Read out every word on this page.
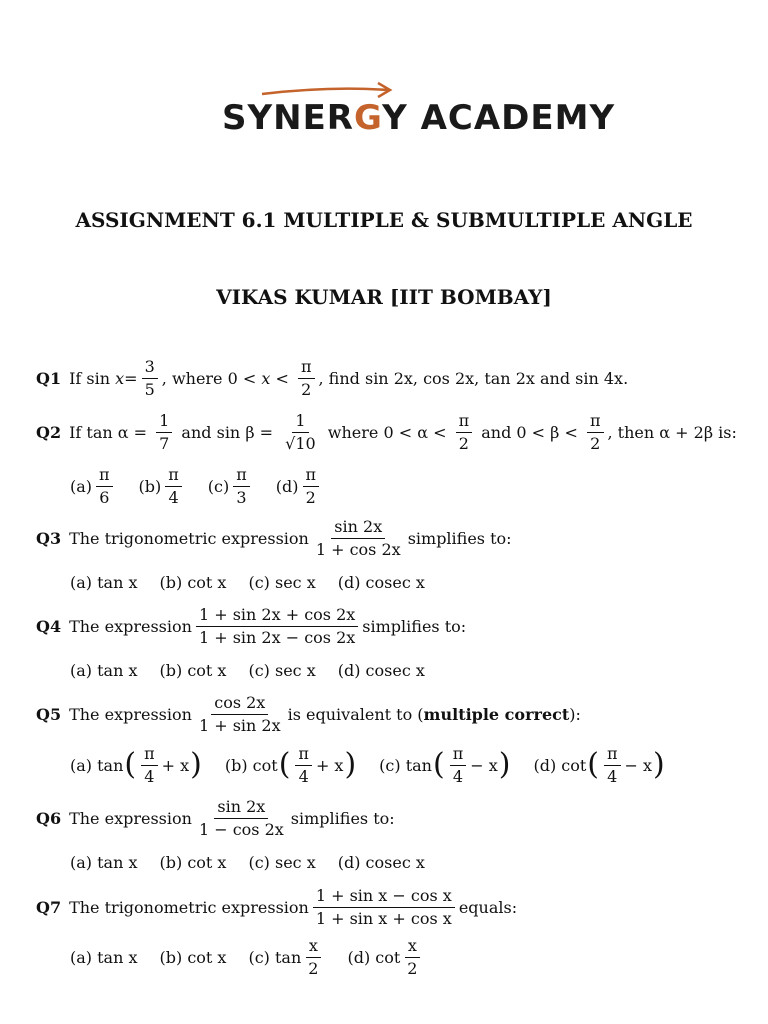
SYNERGY ACADEMY
ASSIGNMENT 6.1 MULTIPLE & SUBMULTIPLE ANGLE
VIKAS KUMAR [IIT BOMBAY]
Q1 If sin
$x = \frac{3}{5}$ , where $0 < x < \frac{\pi}{2}$ , find sin 2x, cos 2x, tan 2x and sin 4x.
Q2 If $\tan \alpha = \frac{1}{7}$ and $\sin \beta = \frac{1}{√10}$ where $0 < \alpha < \frac{\pi}{2}$ and $0 < \beta < \frac{\pi}{2}$ , then α + 2β is:
$(a) \frac{\pi}{6} (b) \frac{\pi}{4} (c) \frac{\pi}{3} (d) \frac{\pi}{2}$
Q3 The trigonometric expression $\frac{\sin 2x}{1 + \cos 2x}$ simplifies to:
(a) tan x (b) cot x (c) sec x (d) cosec x
Q4 The expression $\frac{1 + \sin 2x + \cos 2x}{1 + \sin 2x - \cos 2x}$ simplifies to:
(a) tan x (b) cot x (c) sec x (d) cosec x
Q5 The expression $\frac{\cos 2x}{1 + \sin 2x}$ is equivalent to ( multiple correct ):
(a) tan ( $\frac{\pi}{4} + x$ ) (b) cot ( $\frac{\pi}{4} + x$ ) (c) tan ( $\frac{\pi}{4} - x$ ) (d) cot ( $\frac{\pi}{4} - x$ )
Q6 The expression $\frac{\sin 2x}{1 - \cos 2x}$ simplifies to:
(a) tan x (b) cot x (c) sec x (d) cosec x
Q7 The trigonometric expression $\frac{\text{1 + sin x − cos x}}{\text{1 + sin x + cos x}}$ equals:
(a) tan x (b) cot x (c) $\tan \frac{x}{2} (d)$ $\cot \frac{x}{2}$
